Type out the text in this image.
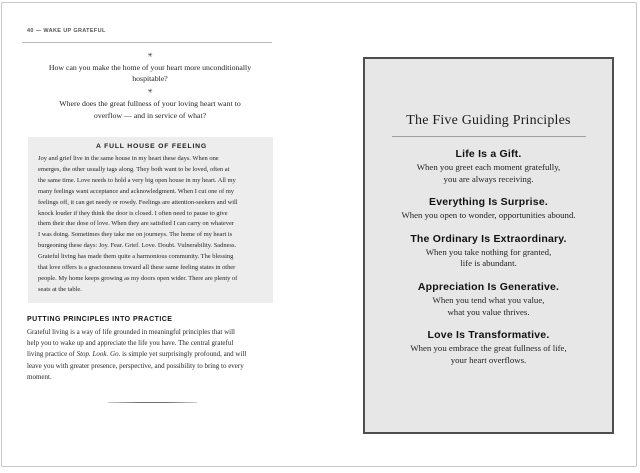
40 — WAKE UP GRATEFUL
✳
How can you make the home of your heart more unconditionally
hospitable?
✳
Where does the great fullness of your loving heart want to
overflow — and in service of what?
A FULL HOUSE OF FEELING
Joy and grief live in the same house in my heart these days. When one
emerges, the other usually tags along. They both want to be loved, often at
the same time. Love needs to hold a very big open house in my heart. All my
many feelings want acceptance and acknowledgment. When I cut one of my
feelings off, it can get needy or rowdy. Feelings are attention-seekers and will
knock louder if they think the door is closed. I often need to pause to give
them their due dose of love. When they are satisfied I can carry on whatever
I was doing. Sometimes they take me on journeys. The home of my heart is
burgeoning these days: Joy. Fear. Grief. Love. Doubt. Vulnerability. Sadness.
Grateful living has made them quite a harmonious community. The blessing
that love offers is a graciousness toward all these same feeling states in other
people. My home keeps growing as my doors open wider. There are plenty of
seats at the table.
PUTTING PRINCIPLES INTO PRACTICE
Grateful living is a way of life grounded in meaningful principles that will
help you to wake up and appreciate the life you have. The central grateful
living practice of Stop. Look. Go. is simple yet surprisingly profound, and will
leave you with greater presence, perspective, and possibility to bring to every
moment.
The Five Guiding Principles
Life Is a Gift.
When you greet each moment gratefully,
you are always receiving.
Everything Is Surprise.
When you open to wonder, opportunities abound.
The Ordinary Is Extraordinary.
When you take nothing for granted,
life is abundant.
Appreciation Is Generative.
When you tend what you value,
what you value thrives.
Love Is Transformative.
When you embrace the great fullness of life,
your heart overflows.
